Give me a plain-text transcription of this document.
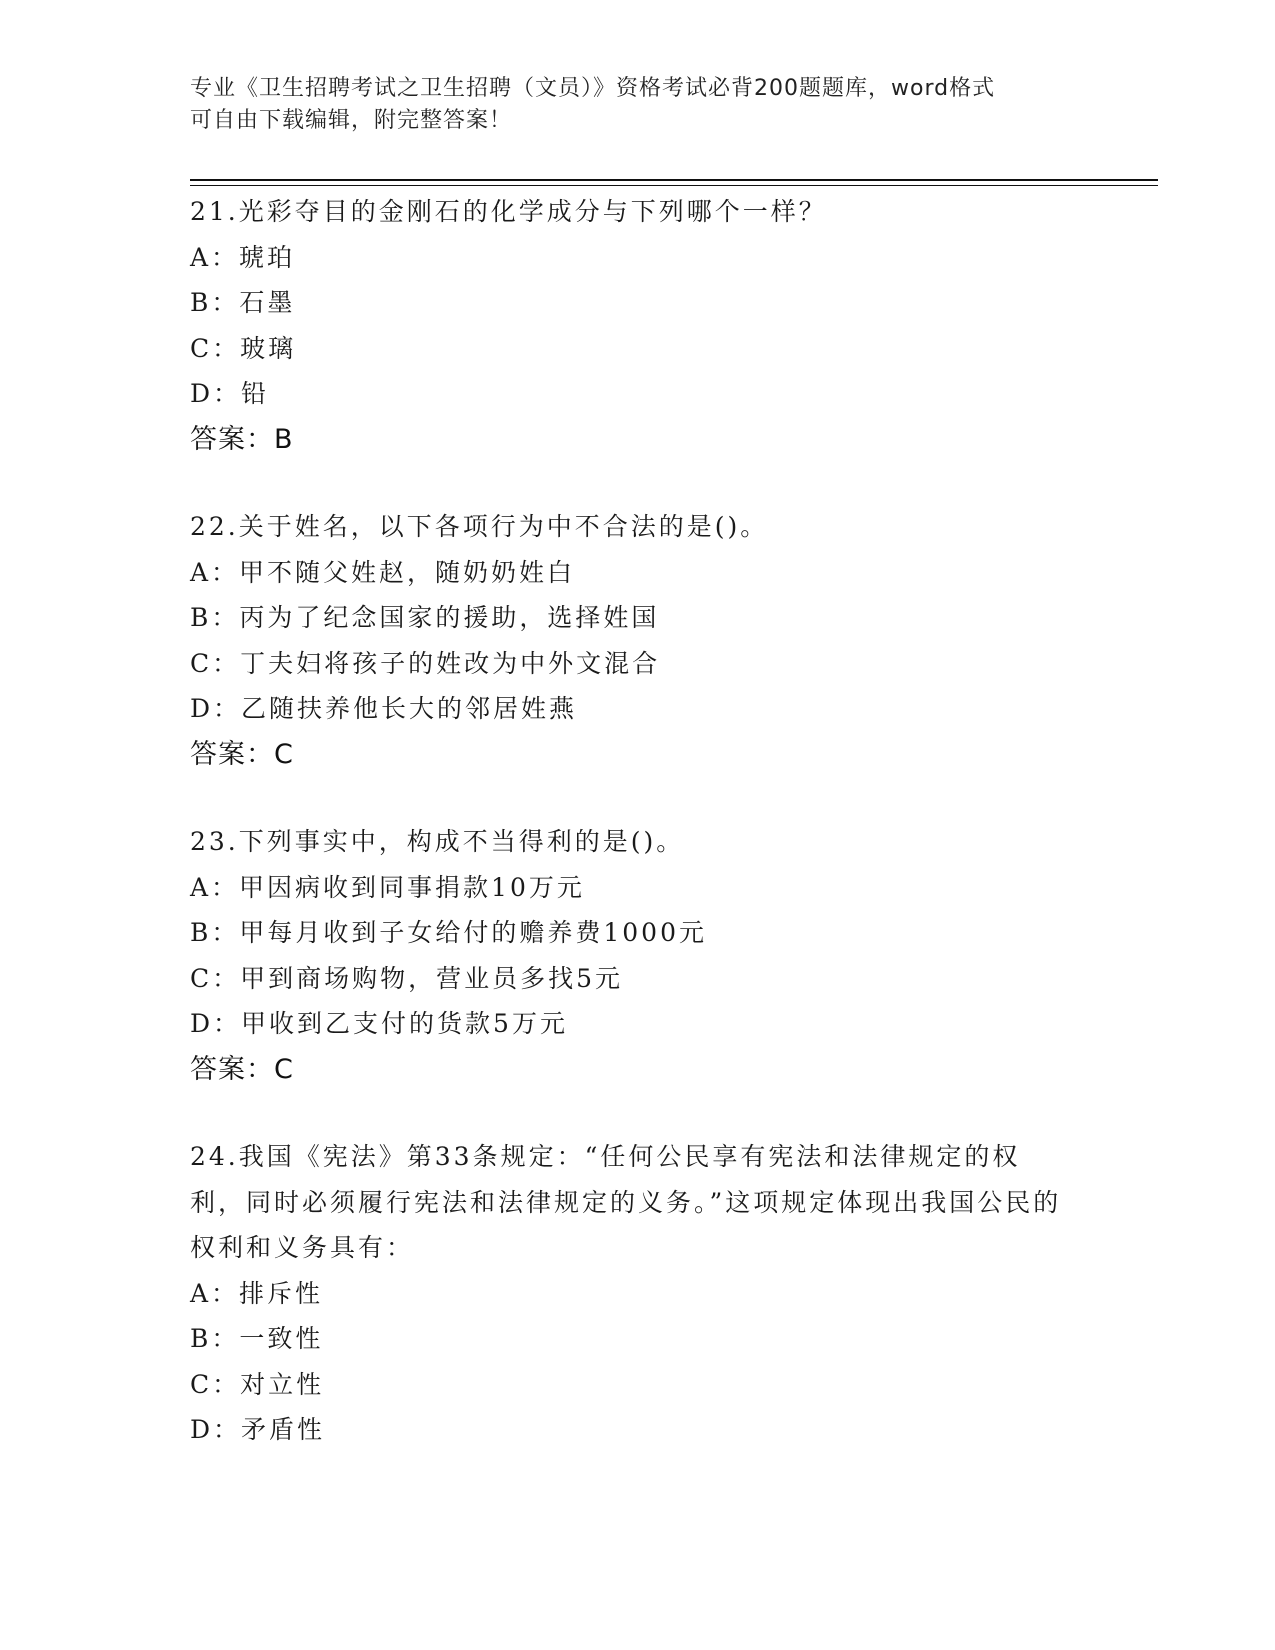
专业《卫生招聘考试之卫生招聘（文员）》资格考试必背200题题库，word格式
可自由下载编辑，附完整答案！

21.光彩夺目的金刚石的化学成分与下列哪个一样？

A：琥珀

B：石墨

C：玻璃

D：铅

答案：B

22.关于姓名，以下各项行为中不合法的是()。

A：甲不随父姓赵，随奶奶姓白

B：丙为了纪念国家的援助，选择姓国

C：丁夫妇将孩子的姓改为中外文混合

D：乙随扶养他长大的邻居姓燕

答案：C

23.下列事实中，构成不当得利的是()。

A：甲因病收到同事捐款10万元

B：甲每月收到子女给付的赡养费1000元

C：甲到商场购物，营业员多找5元

D：甲收到乙支付的货款5万元

答案：C

24.我国《宪法》第33条规定：“任何公民享有宪法和法律规定的权利，同时必须履行宪法和法律规定的义务。”这项规定体现出我国公民的权利和义务具有：

A：排斥性

B：一致性

C：对立性

D：矛盾性
